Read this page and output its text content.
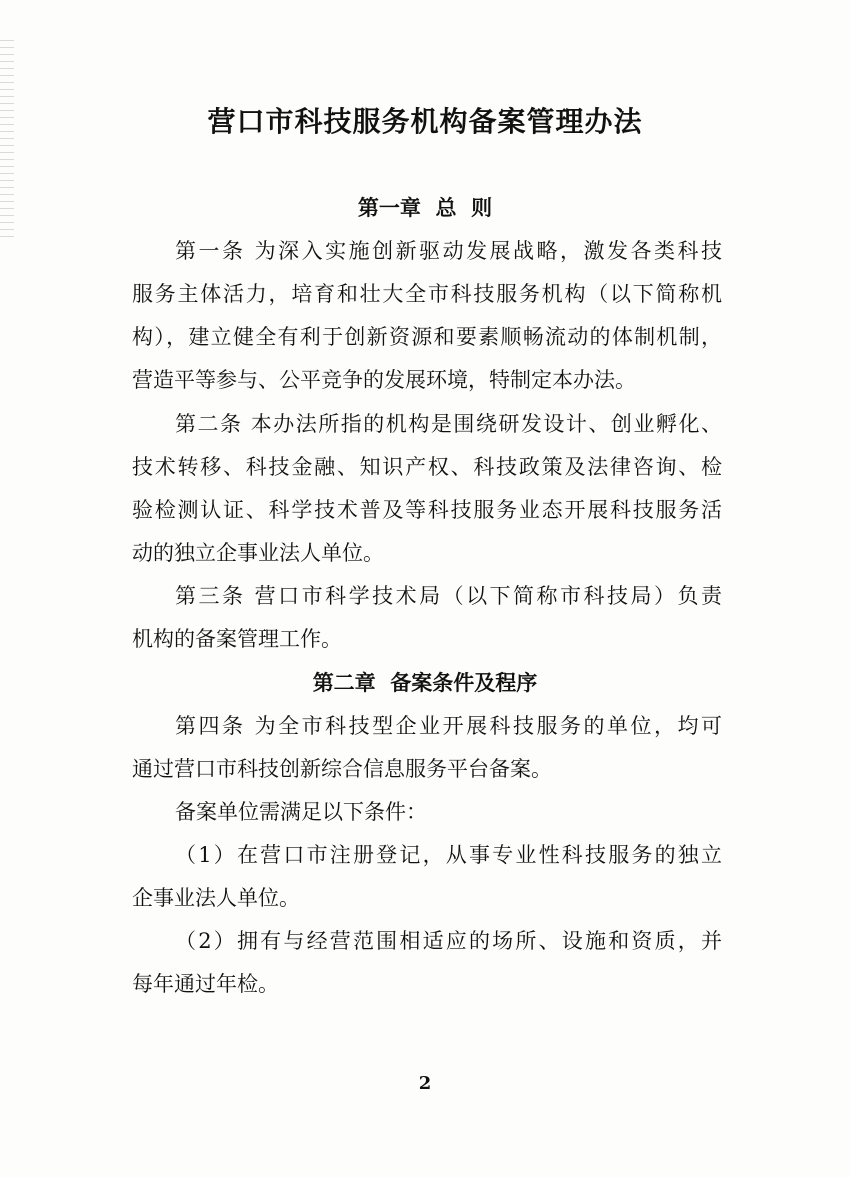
营口市科技服务机构备案管理办法
第一章  总  则
第一条 为深入实施创新驱动发展战略，激发各类科技
服务主体活力，培育和壮大全市科技服务机构（以下简称机
构），建立健全有利于创新资源和要素顺畅流动的体制机制，
营造平等参与、公平竞争的发展环境，特制定本办法。
第二条 本办法所指的机构是围绕研发设计、创业孵化、
技术转移、科技金融、知识产权、科技政策及法律咨询、检
验检测认证、科学技术普及等科技服务业态开展科技服务活
动的独立企事业法人单位。
第三条 营口市科学技术局（以下简称市科技局）负责
机构的备案管理工作。
第二章  备案条件及程序
第四条 为全市科技型企业开展科技服务的单位，均可
通过营口市科技创新综合信息服务平台备案。
备案单位需满足以下条件：
（1）在营口市注册登记，从事专业性科技服务的独立
企事业法人单位。
（2）拥有与经营范围相适应的场所、设施和资质，并
每年通过年检。
2
